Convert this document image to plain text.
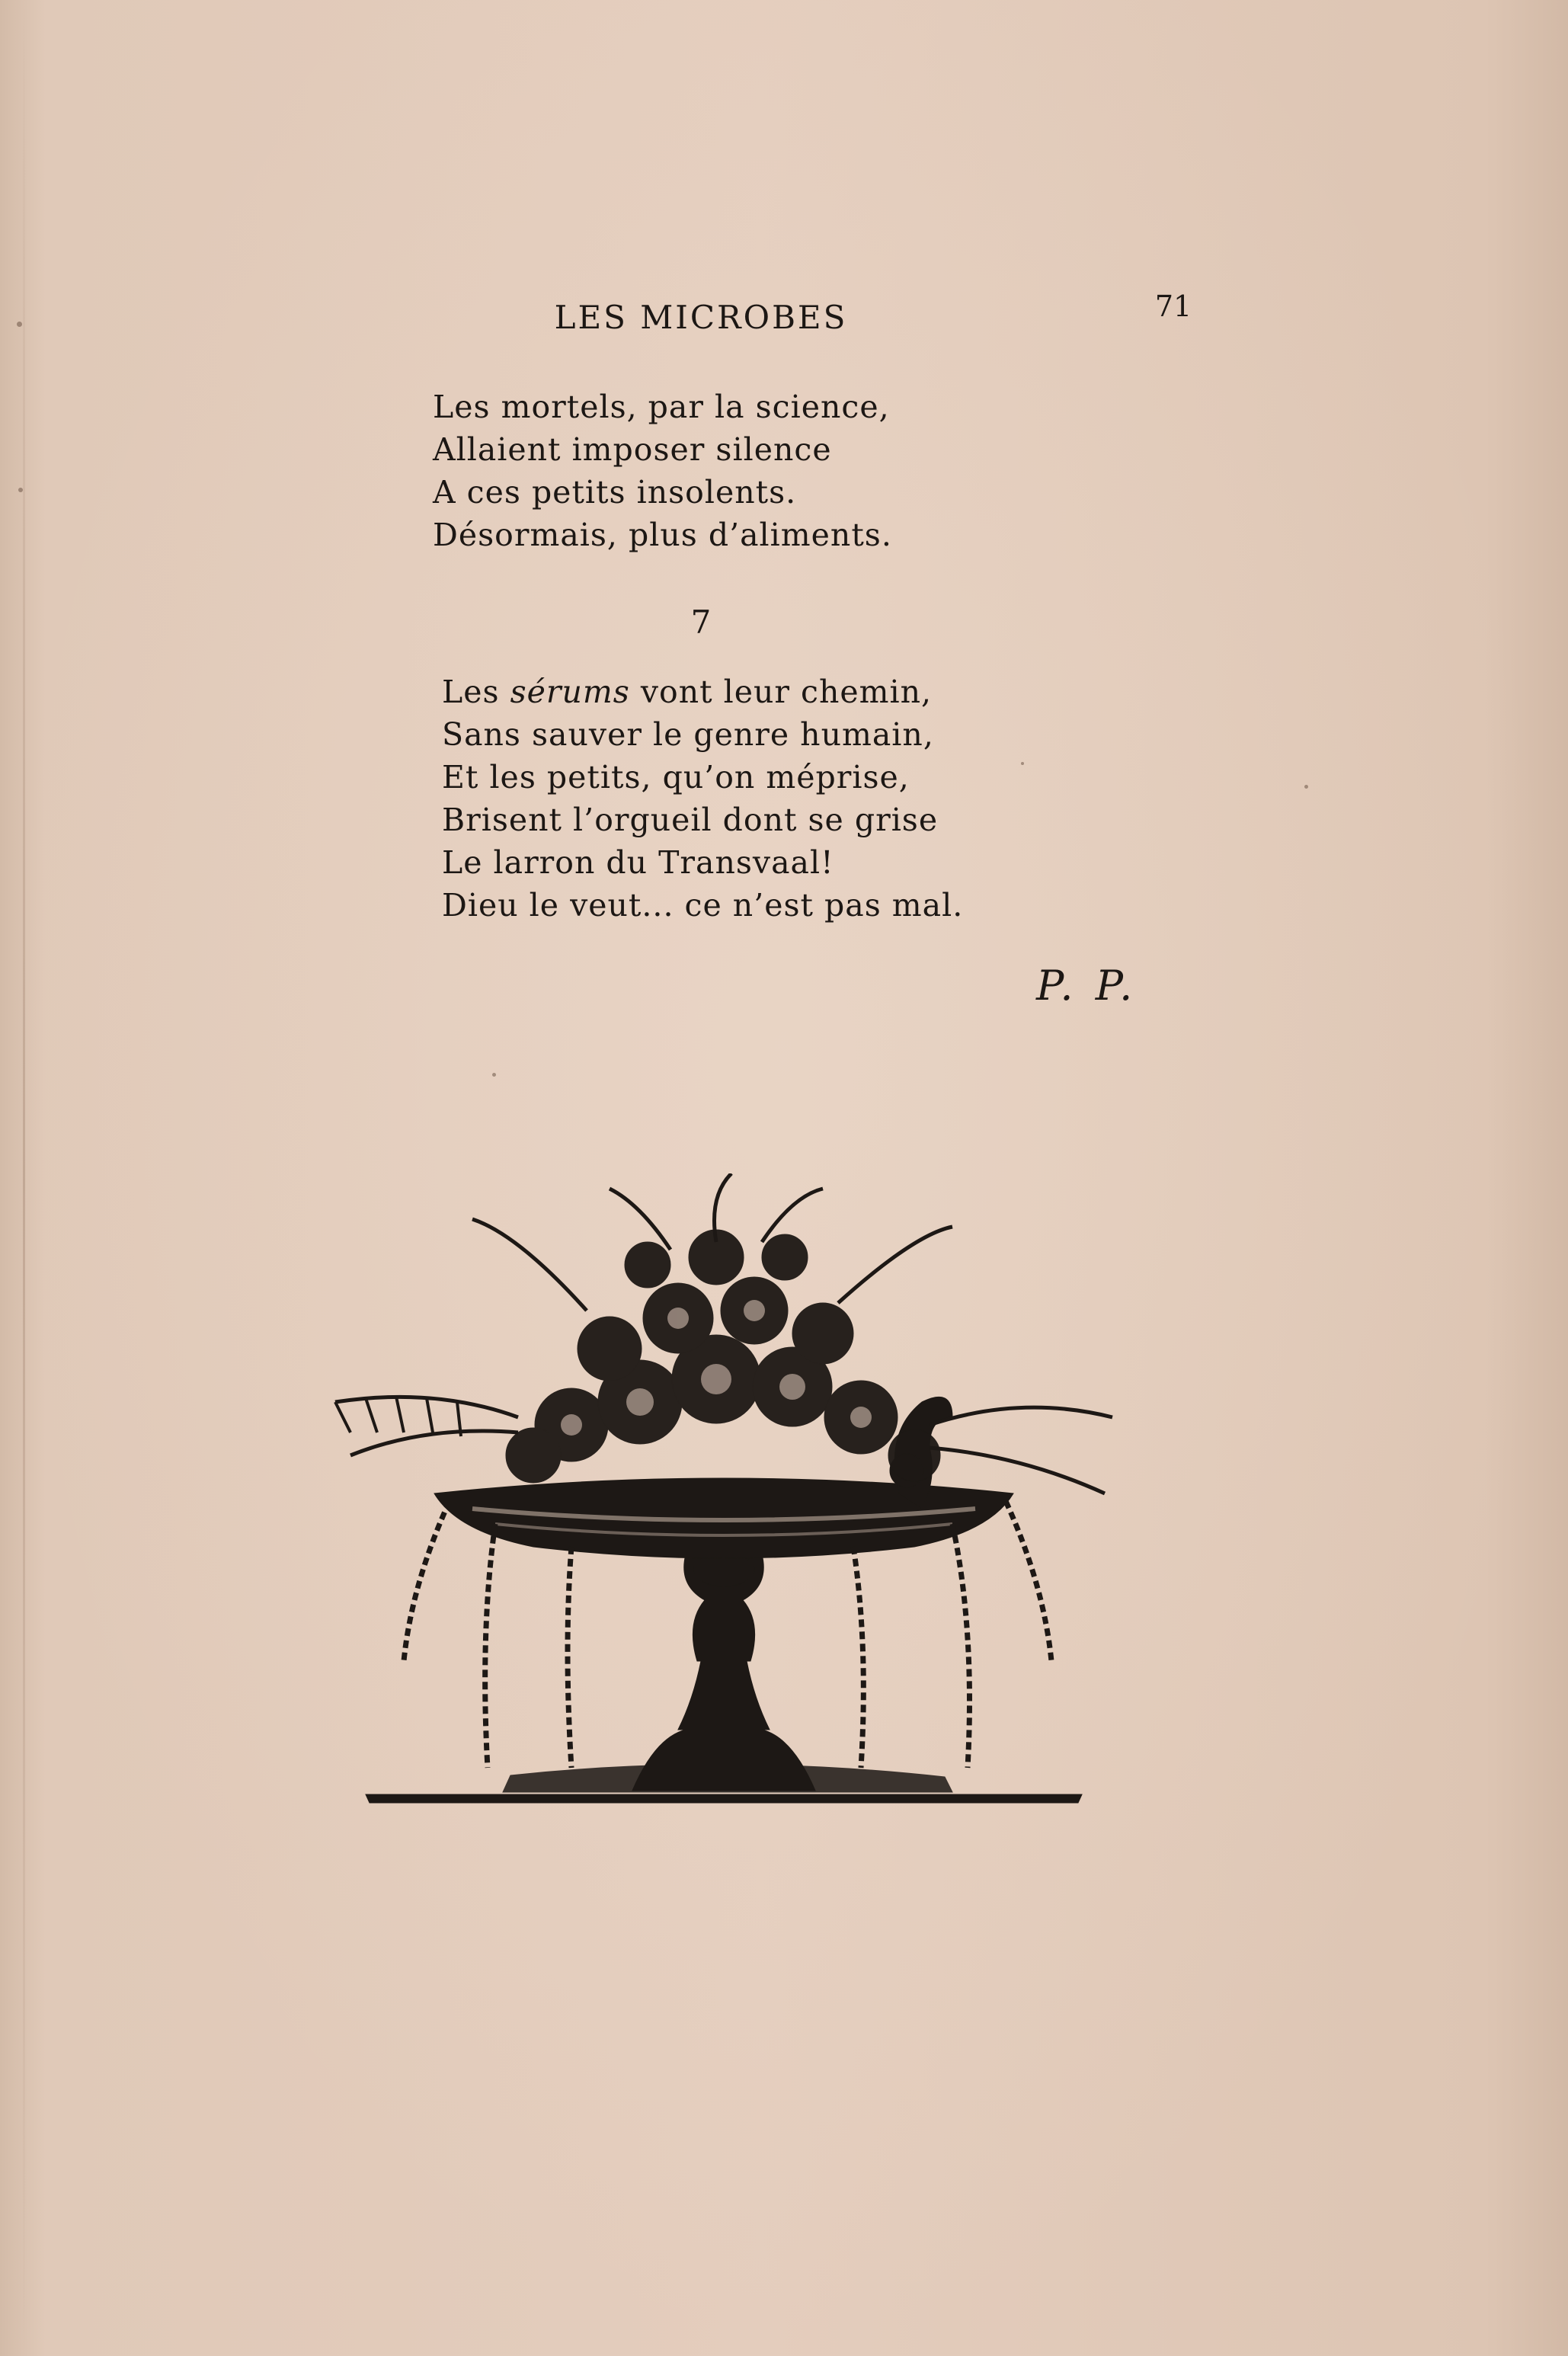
LES MICROBES	71
Les mortels, par la science,
Allaient imposer silence
A ces petits insolents.
Désormais, plus d’aliments.
7
Les sérums vont leur chemin,
Sans sauver le genre humain,
Et les petits, qu’on méprise,
Brisent l’orgueil dont se grise
Le larron du Transvaal!
Dieu le veut... ce n’est pas mal.
P. P.
